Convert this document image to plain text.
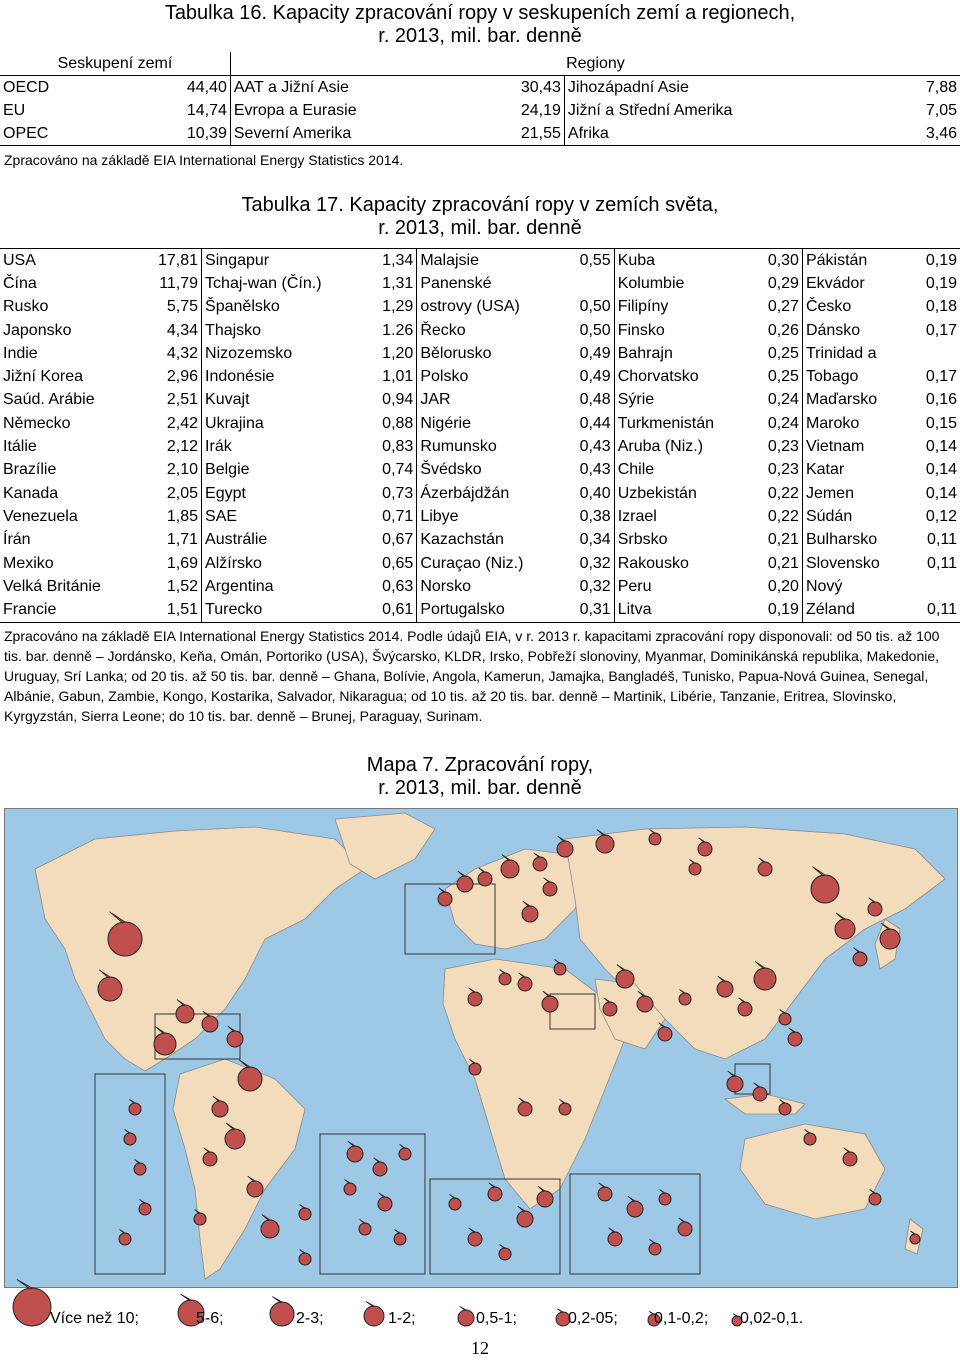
Tabulka 16. Kapacity zpracování ropy v seskupeních zemí a regionech,
r. 2013, mil. bar. denně
Seskupení zemí		Regiony			
OECD	44,40	AAT a Jižní Asie	30,43	Jihozápadní Asie	7,88
EU	14,74	Evropa a Eurasie	24,19	Jižní a Střední Amerika	7,05
OPEC	10,39	Severní Amerika	21,55	Afrika	3,46
Zpracováno na základě EIA International Energy Statistics 2014.
Tabulka 17. Kapacity zpracování ropy v zemích světa,
r. 2013, mil. bar. denně
USA	17,81	Singapur	1,34	Malajsie	0,55	Kuba	0,30	Pákistán	0,19
Čína	11,79	Tchaj-wan (Čín.)	1,31	Panenské		Kolumbie	0,29	Ekvádor	0,19
Rusko	5,75	Španělsko	1,29	ostrovy (USA)	0,50	Filipíny	0,27	Česko	0,18
Japonsko	4,34	Thajsko	1.26	Řecko	0,50	Finsko	0,26	Dánsko	0,17
Indie	4,32	Nizozemsko	1,20	Bělorusko	0,49	Bahrajn	0,25	Trinidad a	
Jižní Korea	2,96	Indonésie	1,01	Polsko	0,49	Chorvatsko	0,25	Tobago	0,17
Saúd. Arábie	2,51	Kuvajt	0,94	JAR	0,48	Sýrie	0,24	Maďarsko	0,16
Německo	2,42	Ukrajina	0,88	Nigérie	0,44	Turkmenistán	0,24	Maroko	0,15
Itálie	2,12	Irák	0,83	Rumunsko	0,43	Aruba (Niz.)	0,23	Vietnam	0,14
Brazílie	2,10	Belgie	0,74	Švédsko	0,43	Chile	0,23	Katar	0,14
Kanada	2,05	Egypt	0,73	Ázerbájdžán	0,40	Uzbekistán	0,22	Jemen	0,14
Venezuela	1,85	SAE	0,71	Libye	0,38	Izrael	0,22	Súdán	0,12
Írán	1,71	Austrálie	0,67	Kazachstán	0,34	Srbsko	0,21	Bulharsko	0,11
Mexiko	1,69	Alžírsko	0,65	Curaçao (Niz.)	0,32	Rakousko	0,21	Slovensko	0,11
Velká Británie	1,52	Argentina	0,63	Norsko	0,32	Peru	0,20	Nový	
Francie	1,51	Turecko	0,61	Portugalsko	0,31	Litva	0,19	Zéland	0,11
Zpracováno na základě EIA International Energy Statistics 2014. Podle údajů EIA, v r. 2013 r. kapacitami zpracování ropy disponovali: od 50 tis. až 100 tis. bar. denně – Jordánsko, Keňa, Omán, Portoriko (USA), Švýcarsko, KLDR, Irsko, Pobřeží slonoviny, Myanmar, Dominikánská republika, Makedonie, Uruguay, Srí Lanka; od 20 tis. až 50 tis. bar. denně – Ghana, Bolívie, Angola, Kamerun, Jamajka, Bangladéš, Tunisko, Papua-Nová Guinea, Senegal, Albánie, Gabun, Zambie, Kongo, Kostarika, Salvador, Nikaragua; od 10 tis. až 20 tis. bar. denně – Martinik, Libérie, Tanzanie, Eritrea, Slovinsko, Kyrgyzstán, Sierra Leone; do 10 tis. bar. denně – Brunej, Paraguay, Surinam.
Mapa 7. Zpracování ropy,
r. 2013, mil. bar. denně
Více než 10;	5-6;	2-3;	1-2;	0,5-1;	0,2-05; 0,1-0,2; 0,02-0,1.
12
